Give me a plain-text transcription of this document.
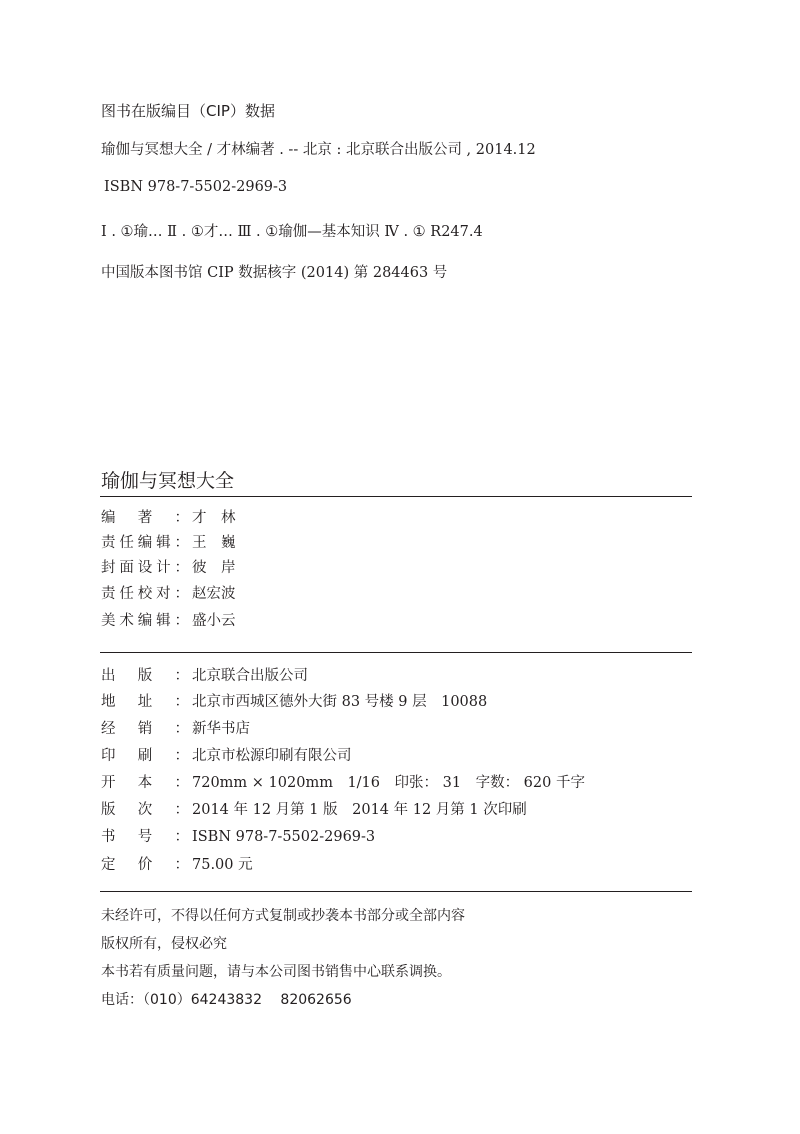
图书在版编目（CIP）数据
瑜伽与冥想大全 / 才林编著 . -- 北京 : 北京联合出版公司 , 2014.12
ISBN 978-7-5502-2969-3
Ⅰ . ①瑜… Ⅱ . ①才… Ⅲ . ①瑜伽—基本知识 Ⅳ . ① R247.4
中国版本图书馆 CIP 数据核字 (2014) 第 284463 号
瑜伽与冥想大全
编著： 才　林
责任编辑： 王　巍
封面设计： 彼　岸
责任校对： 赵宏波
美术编辑： 盛小云
出版： 北京联合出版公司
地址： 北京市西城区德外大街 83 号楼 9 层　10088
经销： 新华书店
印刷： 北京市松源印刷有限公司
开本： 720mm × 1020mm　1/16　印张： 31　字数： 620 千字
版次： 2014 年 12 月第 1 版　2014 年 12 月第 1 次印刷
书号： ISBN 978-7-5502-2969-3
定价： 75.00 元
未经许可，不得以任何方式复制或抄袭本书部分或全部内容
版权所有，侵权必究
本书若有质量问题，请与本公司图书销售中心联系调换。
电话：（010）64243832　 82062656
